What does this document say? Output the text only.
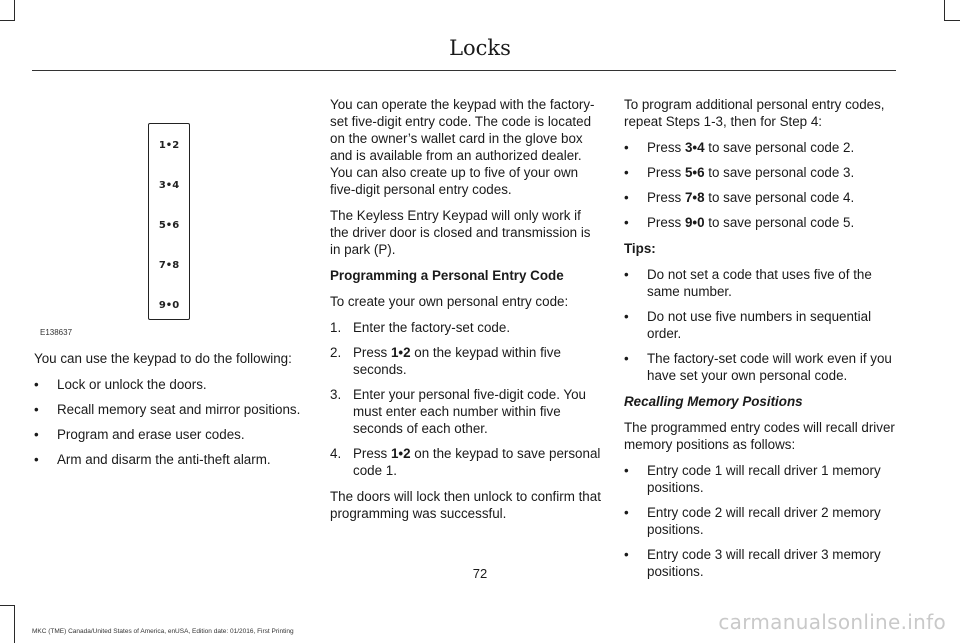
Locks
1•2
3•4
5•6
7•8
9•0
E138637

You can use the keypad to do the following:

• Lock or unlock the doors.
• Recall memory seat and mirror positions.
• Program and erase user codes.
• Arm and disarm the anti-theft alarm.

You can operate the keypad with the factory-set five-digit entry code. The code is located on the owner’s wallet card in the glove box and is available from an authorized dealer. You can also create up to five of your own five-digit personal entry codes.

The Keyless Entry Keypad will only work if the driver door is closed and transmission is in park (P).

Programming a Personal Entry Code

To create your own personal entry code:

1. Enter the factory-set code.
2. Press 1•2 on the keypad within five seconds.
3. Enter your personal five-digit code. You must enter each number within five seconds of each other.
4. Press 1•2 on the keypad to save personal code 1.

The doors will lock then unlock to confirm that programming was successful.

To program additional personal entry codes, repeat Steps 1-3, then for Step 4:

• Press 3•4 to save personal code 2.
• Press 5•6 to save personal code 3.
• Press 7•8 to save personal code 4.
• Press 9•0 to save personal code 5.

Tips:

• Do not set a code that uses five of the same number.
• Do not use five numbers in sequential order.
• The factory-set code will work even if you have set your own personal code.

Recalling Memory Positions

The programmed entry codes will recall driver memory positions as follows:

• Entry code 1 will recall driver 1 memory positions.
• Entry code 2 will recall driver 2 memory positions.
• Entry code 3 will recall driver 3 memory positions.
72
MKC (TME) Canada/United States of America, enUSA, Edition date: 01/2016, First Printing	carmanualsonline.info
